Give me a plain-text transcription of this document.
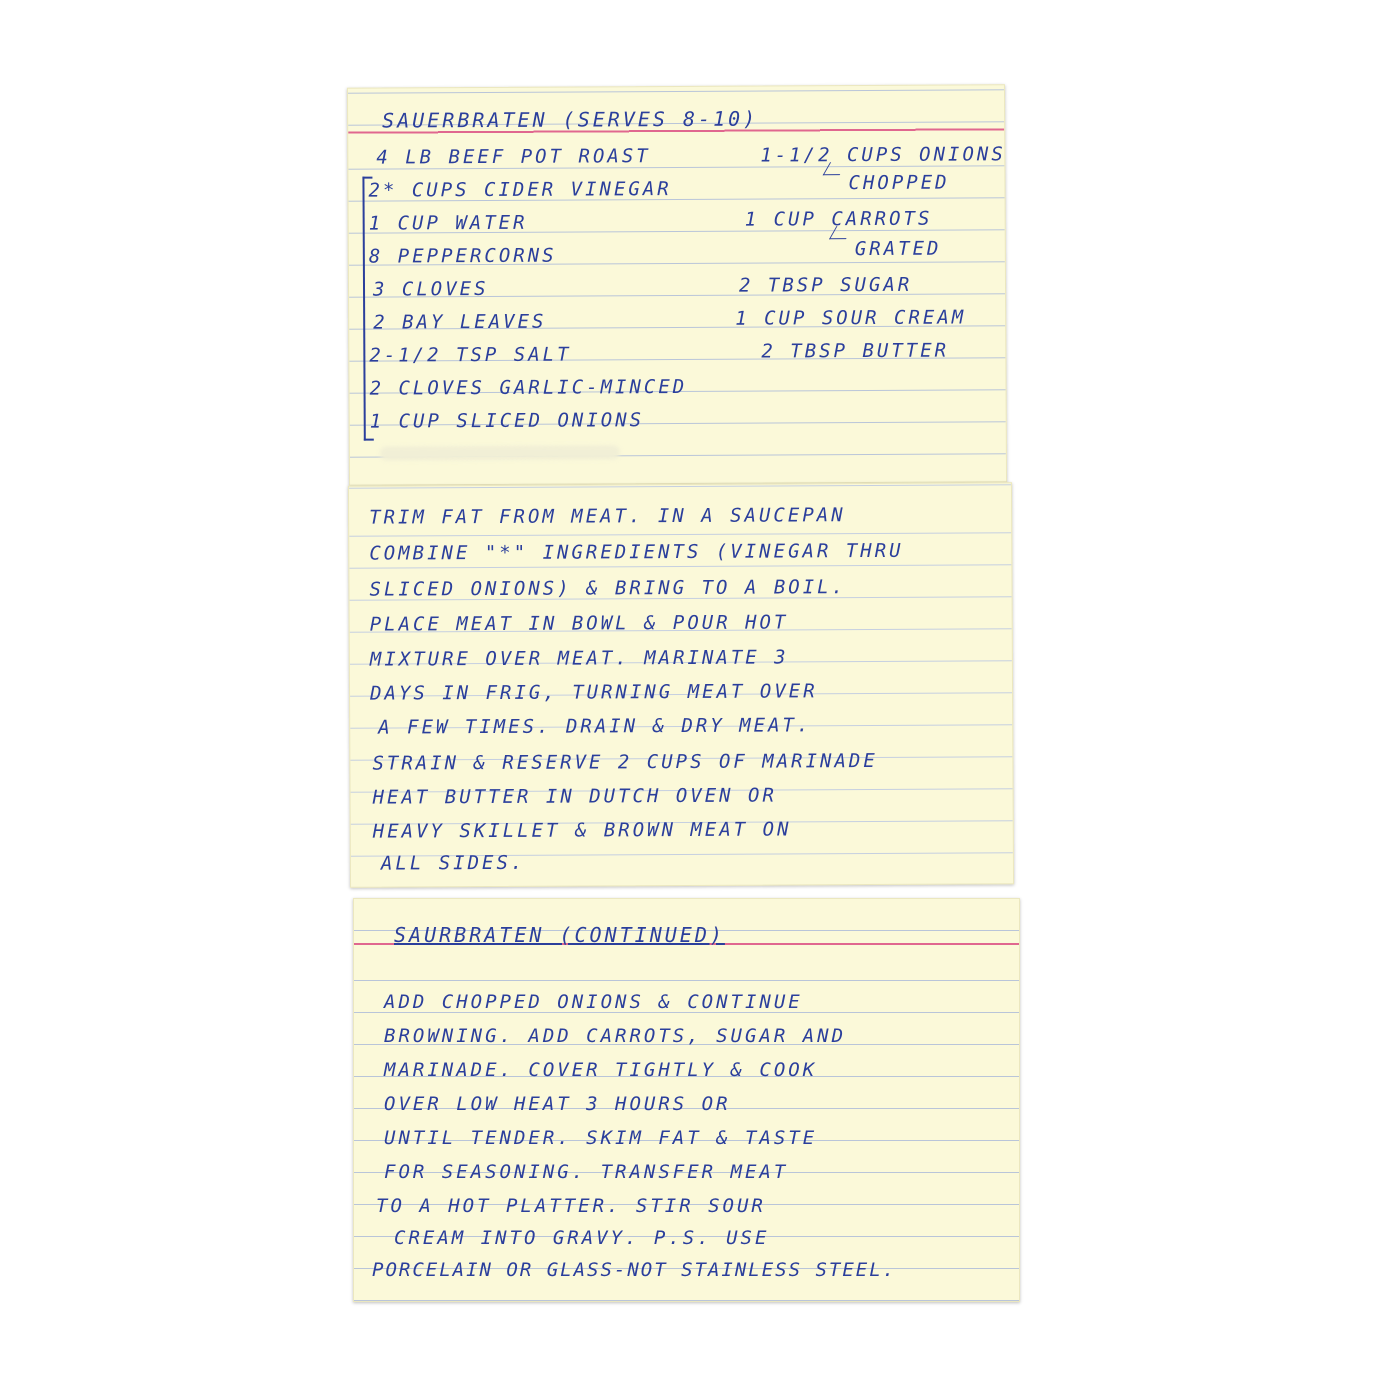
SAUERBRATEN (SERVES 8-10)

4 LB BEEF POT ROAST

2* CUPS CIDER VINEGAR

1 CUP WATER

8 PEPPERCORNS

3 CLOVES

2 BAY LEAVES

2-1/2 TSP SALT

2 CLOVES GARLIC-MINCED

1 CUP SLICED ONIONS

1-1/2 CUPS ONIONS

CHOPPED

1 CUP CARROTS

GRATED

2 TBSP SUGAR

1 CUP SOUR CREAM

2 TBSP BUTTER

TRIM FAT FROM MEAT. IN A SAUCEPAN

COMBINE "*" INGREDIENTS (VINEGAR THRU

SLICED ONIONS) & BRING TO A BOIL.

PLACE MEAT IN BOWL & POUR HOT

MIXTURE OVER MEAT. MARINATE 3

DAYS IN FRIG, TURNING MEAT OVER

A FEW TIMES. DRAIN & DRY MEAT.

STRAIN & RESERVE 2 CUPS OF MARINADE

HEAT BUTTER IN DUTCH OVEN OR

HEAVY SKILLET & BROWN MEAT ON

ALL SIDES.

SAURBRATEN (CONTINUED)

ADD CHOPPED ONIONS & CONTINUE

BROWNING. ADD CARROTS, SUGAR AND

MARINADE. COVER TIGHTLY & COOK

OVER LOW HEAT 3 HOURS OR

UNTIL TENDER. SKIM FAT & TASTE

FOR SEASONING. TRANSFER MEAT

TO A HOT PLATTER. STIR SOUR

CREAM INTO GRAVY. P.S. USE

PORCELAIN OR GLASS-NOT STAINLESS STEEL.
